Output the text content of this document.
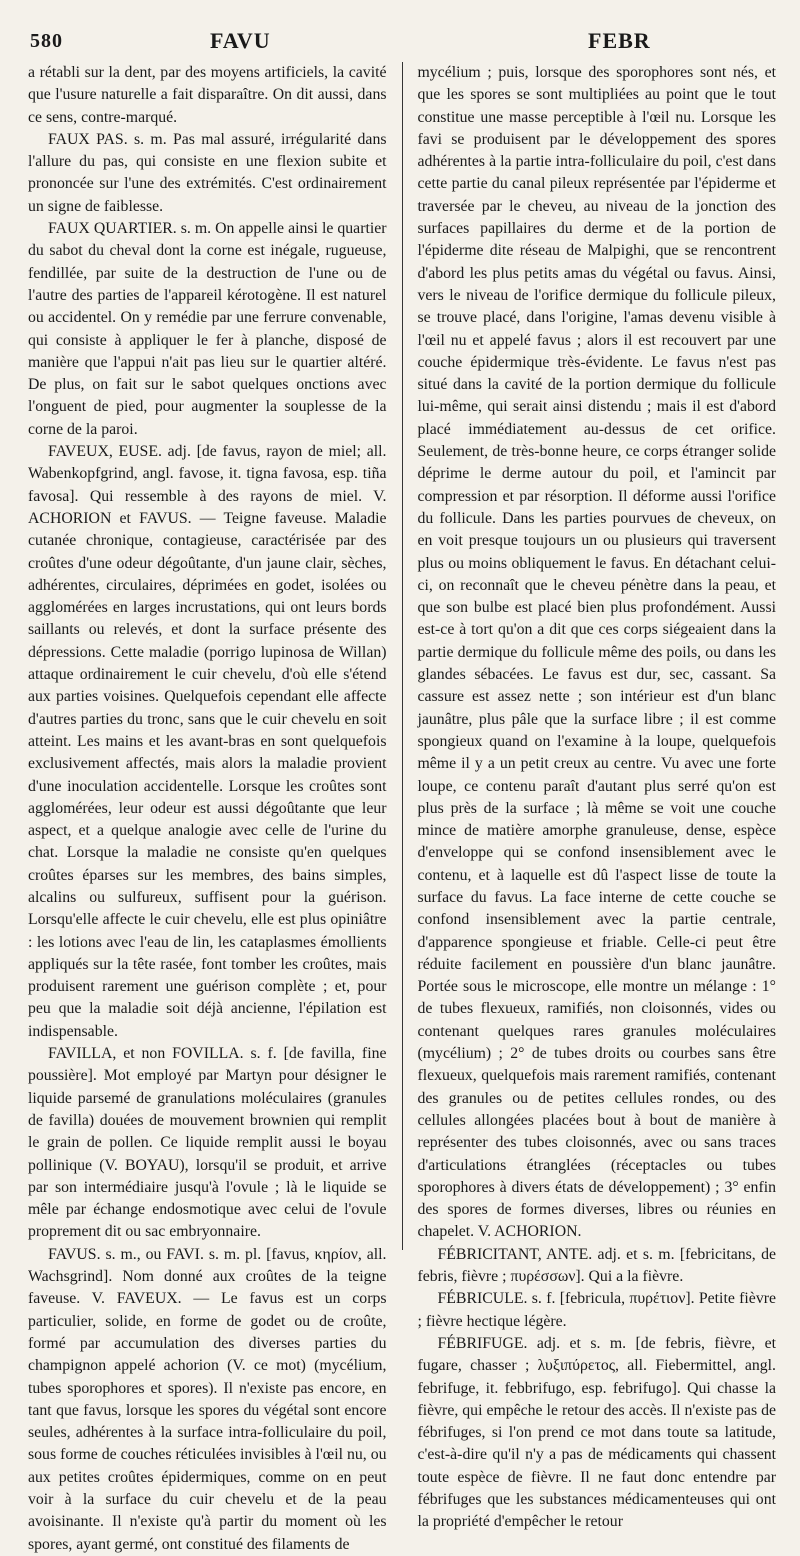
580	FAVU	FEBR

a rétabli sur la dent, par des moyens artificiels, la cavité que l'usure naturelle a fait disparaître. On dit aussi, dans ce sens, contre-marqué.

FAUX PAS. s. m. Pas mal assuré, irrégularité dans l'allure du pas, qui consiste en une flexion subite et prononcée sur l'une des extrémités. C'est ordinairement un signe de faiblesse.

FAUX QUARTIER. s. m. On appelle ainsi le quartier du sabot du cheval dont la corne est inégale, rugueuse, fendillée, par suite de la destruction de l'une ou de l'autre des parties de l'appareil kérotogène. Il est naturel ou accidentel. On y remédie par une ferrure convenable, qui consiste à appliquer le fer à planche, disposé de manière que l'appui n'ait pas lieu sur le quartier altéré. De plus, on fait sur le sabot quelques onctions avec l'onguent de pied, pour augmenter la souplesse de la corne de la paroi.

FAVEUX, EUSE. adj. [de favus, rayon de miel; all. Wabenkopfgrind, angl. favose, it. tigna favosa, esp. tiña favosa]. Qui ressemble à des rayons de miel. V. ACHORION et FAVUS. — Teigne faveuse. Maladie cutanée chronique, contagieuse, caractérisée par des croûtes d'une odeur dégoûtante, d'un jaune clair, sèches, adhérentes, circulaires, déprimées en godet, isolées ou agglomérées en larges incrustations, qui ont leurs bords saillants ou relevés, et dont la surface présente des dépressions. Cette maladie (porrigo lupinosa de Willan) attaque ordinairement le cuir chevelu, d'où elle s'étend aux parties voisines. Quelquefois cependant elle affecte d'autres parties du tronc, sans que le cuir chevelu en soit atteint. Les mains et les avant-bras en sont quelquefois exclusivement affectés, mais alors la maladie provient d'une inoculation accidentelle. Lorsque les croûtes sont agglomérées, leur odeur est aussi dégoûtante que leur aspect, et a quelque analogie avec celle de l'urine du chat. Lorsque la maladie ne consiste qu'en quelques croûtes éparses sur les membres, des bains simples, alcalins ou sulfureux, suffisent pour la guérison. Lorsqu'elle affecte le cuir chevelu, elle est plus opiniâtre : les lotions avec l'eau de lin, les cataplasmes émollients appliqués sur la tête rasée, font tomber les croûtes, mais produisent rarement une guérison complète ; et, pour peu que la maladie soit déjà ancienne, l'épilation est indispensable.

FAVILLA, et non FOVILLA. s. f. [de favilla, fine poussière]. Mot employé par Martyn pour désigner le liquide parsemé de granulations moléculaires (granules de favilla) douées de mouvement brownien qui remplit le grain de pollen. Ce liquide remplit aussi le boyau pollinique (V. BOYAU), lorsqu'il se produit, et arrive par son intermédiaire jusqu'à l'ovule ; là le liquide se mêle par échange endosmotique avec celui de l'ovule proprement dit ou sac embryonnaire.

FAVUS. s. m., ou FAVI. s. m. pl. [favus, κηρίον, all. Wachsgrind]. Nom donné aux croûtes de la teigne faveuse. V. FAVEUX. — Le favus est un corps particulier, solide, en forme de godet ou de croûte, formé par accumulation des diverses parties du champignon appelé achorion (V. ce mot) (mycélium, tubes sporophores et spores). Il n'existe pas encore, en tant que favus, lorsque les spores du végétal sont encore seules, adhérentes à la surface intra-folliculaire du poil, sous forme de couches réticulées invisibles à l'œil nu, ou aux petites croûtes épidermiques, comme on en peut voir à la surface du cuir chevelu et de la peau avoisinante. Il n'existe qu'à partir du moment où les spores, ayant germé, ont constitué des filaments de

mycélium ; puis, lorsque des sporophores sont nés, et que les spores se sont multipliées au point que le tout constitue une masse perceptible à l'œil nu. Lorsque les favi se produisent par le développement des spores adhérentes à la partie intra-folliculaire du poil, c'est dans cette partie du canal pileux représentée par l'épiderme et traversée par le cheveu, au niveau de la jonction des surfaces papillaires du derme et de la portion de l'épiderme dite réseau de Malpighi, que se rencontrent d'abord les plus petits amas du végétal ou favus. Ainsi, vers le niveau de l'orifice dermique du follicule pileux, se trouve placé, dans l'origine, l'amas devenu visible à l'œil nu et appelé favus ; alors il est recouvert par une couche épidermique très-évidente. Le favus n'est pas situé dans la cavité de la portion dermique du follicule lui-même, qui serait ainsi distendu ; mais il est d'abord placé immédiatement au-dessus de cet orifice. Seulement, de très-bonne heure, ce corps étranger solide déprime le derme autour du poil, et l'amincit par compression et par résorption. Il déforme aussi l'orifice du follicule. Dans les parties pourvues de cheveux, on en voit presque toujours un ou plusieurs qui traversent plus ou moins obliquement le favus. En détachant celui-ci, on reconnaît que le cheveu pénètre dans la peau, et que son bulbe est placé bien plus profondément. Aussi est-ce à tort qu'on a dit que ces corps siégeaient dans la partie dermique du follicule même des poils, ou dans les glandes sébacées. Le favus est dur, sec, cassant. Sa cassure est assez nette ; son intérieur est d'un blanc jaunâtre, plus pâle que la surface libre ; il est comme spongieux quand on l'examine à la loupe, quelquefois même il y a un petit creux au centre. Vu avec une forte loupe, ce contenu paraît d'autant plus serré qu'on est plus près de la surface ; là même se voit une couche mince de matière amorphe granuleuse, dense, espèce d'enveloppe qui se confond insensiblement avec le contenu, et à laquelle est dû l'aspect lisse de toute la surface du favus. La face interne de cette couche se confond insensiblement avec la partie centrale, d'apparence spongieuse et friable. Celle-ci peut être réduite facilement en poussière d'un blanc jaunâtre. Portée sous le microscope, elle montre un mélange : 1° de tubes flexueux, ramifiés, non cloisonnés, vides ou contenant quelques rares granules moléculaires (mycélium) ; 2° de tubes droits ou courbes sans être flexueux, quelquefois mais rarement ramifiés, contenant des granules ou de petites cellules rondes, ou des cellules allongées placées bout à bout de manière à représenter des tubes cloisonnés, avec ou sans traces d'articulations étranglées (réceptacles ou tubes sporophores à divers états de développement) ; 3° enfin des spores de formes diverses, libres ou réunies en chapelet. V. ACHORION.

FÉBRICITANT, ANTE. adj. et s. m. [febricitans, de febris, fièvre ; πυρέσσων]. Qui a la fièvre.

FÉBRICULE. s. f. [febricula, πυρέτιον]. Petite fièvre ; fièvre hectique légère.

FÉBRIFUGE. adj. et s. m. [de febris, fièvre, et fugare, chasser ; λυξιπύρετος, all. Fiebermittel, angl. febrifuge, it. febbrifugo, esp. febrifugo]. Qui chasse la fièvre, qui empêche le retour des accès. Il n'existe pas de fébrifuges, si l'on prend ce mot dans toute sa latitude, c'est-à-dire qu'il n'y a pas de médicaments qui chassent toute espèce de fièvre. Il ne faut donc entendre par fébrifuges que les substances médicamenteuses qui ont la propriété d'empêcher le retour
